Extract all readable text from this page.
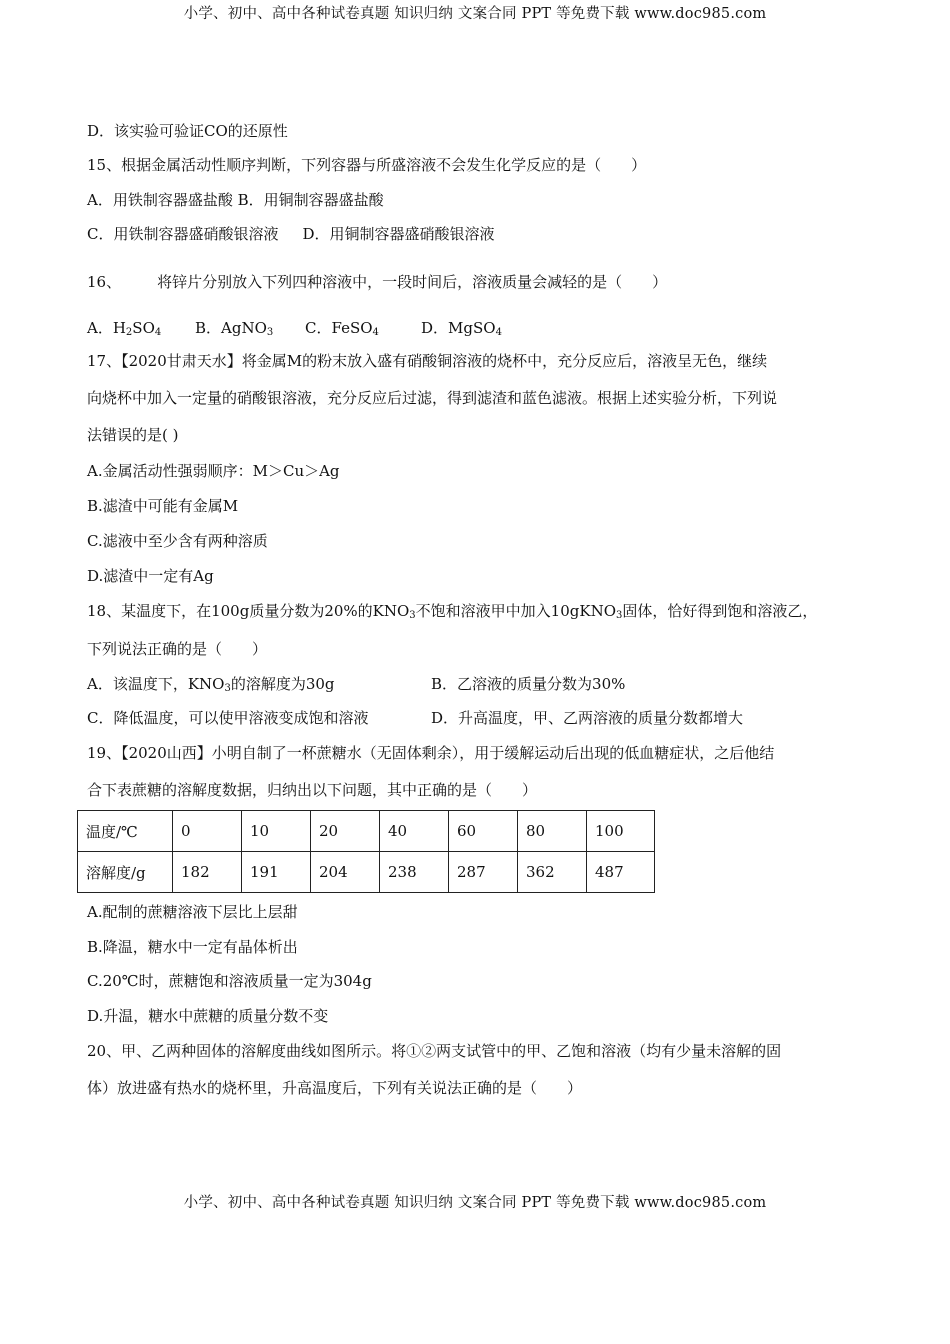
小学、初中、高中各种试卷真题 知识归纳 文案合同 PPT 等免费下载 www.doc985.com
D．该实验可验证CO的还原性
15、根据金属活动性顺序判断，下列容器与所盛溶液不会发生化学反应的是（　　）
A．用铁制容器盛盐酸 B．用铜制容器盛盐酸
C．用铁制容器盛硝酸银溶液 D．用铜制容器盛硝酸银溶液
16、 将锌片分别放入下列四种溶液中，一段时间后，溶液质量会减轻的是（　　）
A．$H_2SO_4$ B．AgNO$_3$ C．FeSO$_4$	D．MgSO$_4$
17、【2020甘肃天水】将金属M的粉末放入盛有硝酸铜溶液的烧杯中，充分反应后，溶液呈无色，继续
向烧杯中加入一定量的硝酸银溶液，充分反应后过滤，得到滤渣和蓝色滤液。根据上述实验分析，下列说
法错误的是( )
A.金属活动性强弱顺序：M＞Cu＞Ag
B.滤渣中可能有金属M
C.滤液中至少含有两种溶质
D.滤渣中一定有Ag
18、某温度下，在100g质量分数为20%的$KNO_3$不饱和溶液甲中加入10gKNO$_3$固体，恰好得到饱和溶液乙，
下列说法正确的是（　　）
A．该温度下，$KNO_3$的溶解度为30g	B．乙溶液的质量分数为30%
C．降低温度，可以使甲溶液变成饱和溶液	D．升高温度，甲、乙两溶液的质量分数都增大
19、【2020山西】小明自制了一杯蔗糖水（无固体剩余），用于缓解运动后出现的低血糖症状，之后他结
合下表蔗糖的溶解度数据，归纳出以下问题，其中正确的是（　　）
温度/℃	0	10	20	40	60	80	100
溶解度/g	182	191	204	238	287	362	487
A.配制的蔗糖溶液下层比上层甜
B.降温，糖水中一定有晶体析出
C.20℃时，蔗糖饱和溶液质量一定为304g
D.升温，糖水中蔗糖的质量分数不变
20、甲、乙两种固体的溶解度曲线如图所示。将①②两支试管中的甲、乙饱和溶液（均有少量未溶解的固
体）放进盛有热水的烧杯里，升高温度后，下列有关说法正确的是（　　）
小学、初中、高中各种试卷真题 知识归纳 文案合同 PPT 等免费下载 www.doc985.com
